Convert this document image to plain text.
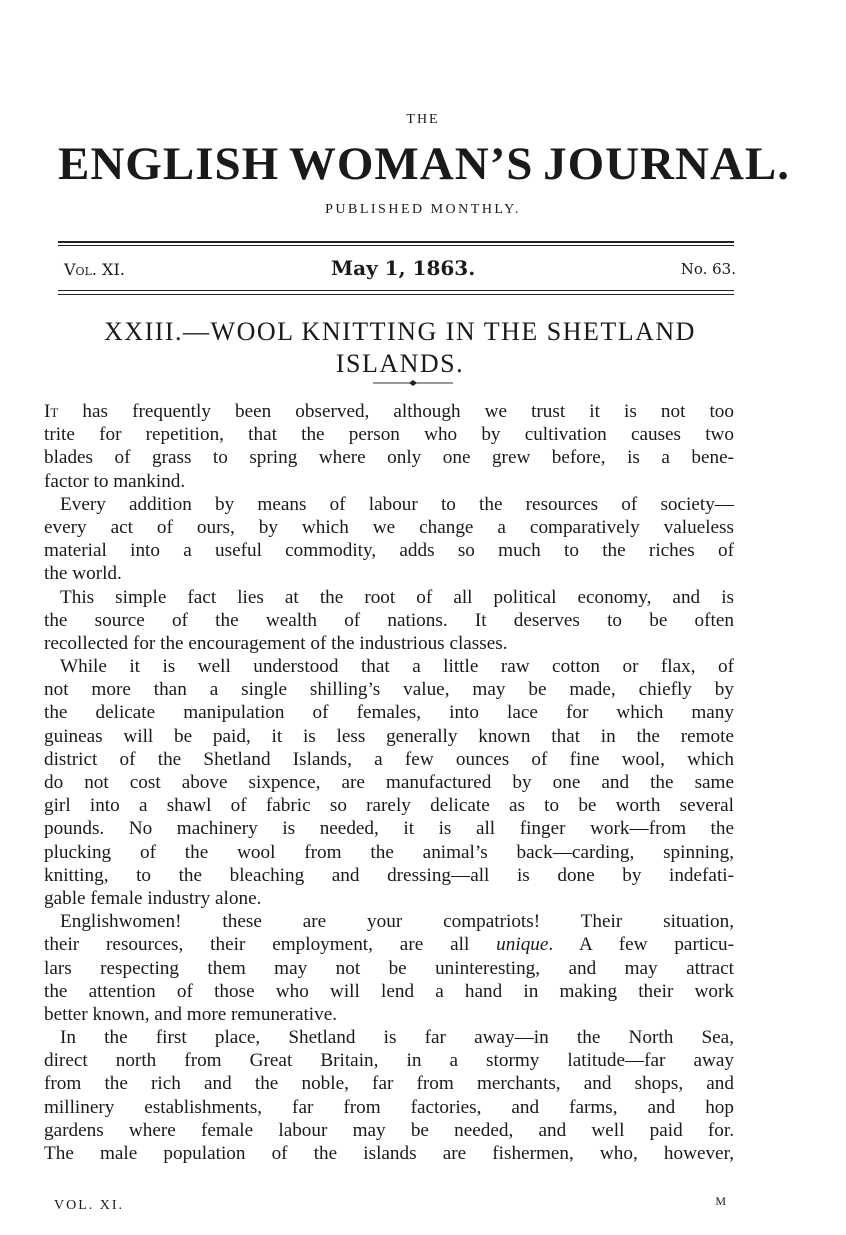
THE
ENGLISH WOMAN’S JOURNAL.
PUBLISHED MONTHLY.
Vol. XI.	May 1, 1863.	No. 63.
XXIII.—WOOL KNITTING IN THE SHETLAND
ISLANDS.
It has frequently been observed, although we trust it is not too
trite for repetition, that the person who by cultivation causes two
blades of grass to spring where only one grew before, is a bene-
factor to mankind.
Every addition by means of labour to the resources of society—
every act of ours, by which we change a comparatively valueless
material into a useful commodity, adds so much to the riches of
the world.
This simple fact lies at the root of all political economy, and is
the source of the wealth of nations. It deserves to be often
recollected for the encouragement of the industrious classes.
While it is well understood that a little raw cotton or flax, of
not more than a single shilling’s value, may be made, chiefly by
the delicate manipulation of females, into lace for which many
guineas will be paid, it is less generally known that in the remote
district of the Shetland Islands, a few ounces of fine wool, which
do not cost above sixpence, are manufactured by one and the same
girl into a shawl of fabric so rarely delicate as to be worth several
pounds. No machinery is needed, it is all finger work—from the
plucking of the wool from the animal’s back—carding, spinning,
knitting, to the bleaching and dressing—all is done by indefati-
gable female industry alone.
Englishwomen! these are your compatriots! Their situation,
their resources, their employment, are all unique. A few particu-
lars respecting them may not be uninteresting, and may attract
the attention of those who will lend a hand in making their work
better known, and more remunerative.
In the first place, Shetland is far away—in the North Sea,
direct north from Great Britain, in a stormy latitude—far away
from the rich and the noble, far from merchants, and shops, and
millinery establishments, far from factories, and farms, and hop
gardens where female labour may be needed, and well paid for.
The male population of the islands are fishermen, who, however,
VOL. XI.	M
